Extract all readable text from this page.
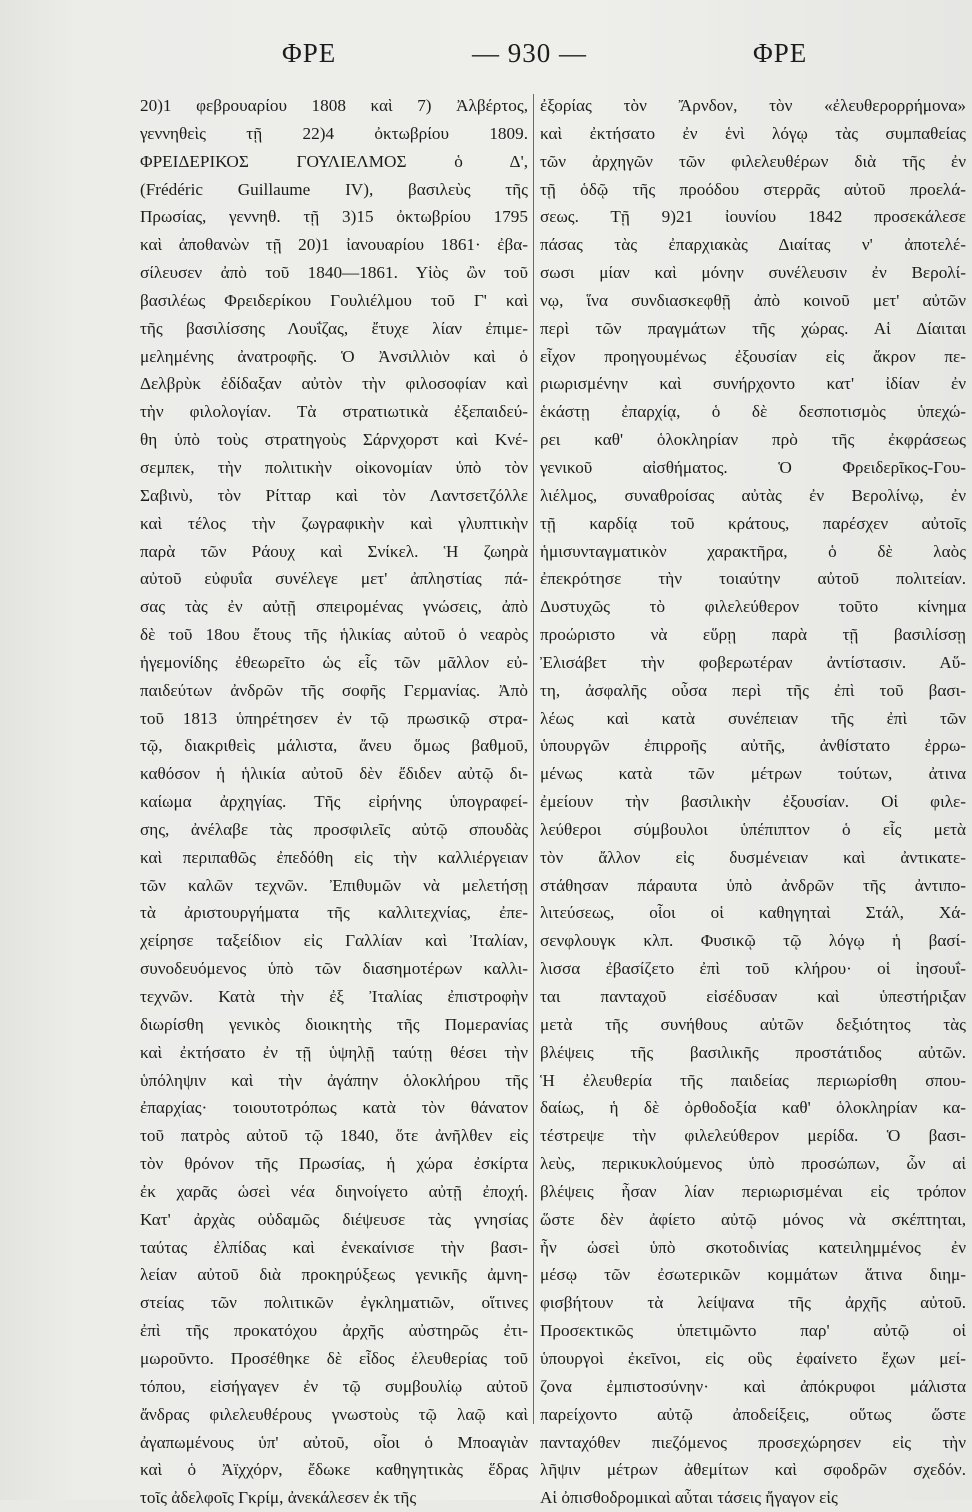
ΦΡΕ	— 930 —	ΦΡΕ
20)1 φεβρουαρίου 1808 καὶ 7) Ἀλβέρτος,
γεννηθεὶς τῇ 22)4 ὀκτωβρίου 1809.
ΦΡΕΙΔΕΡΙΚΟΣ ΓΟΥΛΙΕΛΜΟΣ ὁ Δ',
(Frédéric Guillaume IV), βασιλεὺς τῆς
Πρωσίας, γεννηθ. τῇ 3)15 ὀκτωβρίου 1795
καὶ ἀποθανὼν τῇ 20)1 ἰανουαρίου 1861· ἐβα-
σίλευσεν ἀπὸ τοῦ 1840—1861. Υἱὸς ὢν τοῦ
βασιλέως Φρειδερίκου Γουλιέλμου τοῦ Γ' καὶ
τῆς βασιλίσσης Λουΐζας, ἔτυχε λίαν ἐπιμε-
μελημένης ἀνατροφῆς. Ὁ Ἀνσιλλιὸν καὶ ὁ
Δελβρὺκ ἐδίδαξαν αὐτὸν τὴν φιλοσοφίαν καὶ
τὴν φιλολογίαν. Τὰ στρατιωτικὰ ἐξεπαιδεύ-
θη ὑπὸ τοὺς στρατηγοὺς Σάρνχορστ καὶ Κνέ-
σεμπεκ, τὴν πολιτικὴν οἰκονομίαν ὑπὸ τὸν
Σαβινὺ, τὸν Ρίτταρ καὶ τὸν Λαντσετζόλλε
καὶ τέλος τὴν ζωγραφικὴν καὶ γλυπτικὴν
παρὰ τῶν Ράουχ καὶ Σνίκελ. Ἡ ζωηρὰ
αὐτοῦ εὐφυΐα συνέλεγε μετ' ἀπληστίας πά-
σας τὰς ἐν αὐτῇ σπειρομένας γνώσεις, ἀπὸ
δὲ τοῦ 18ου ἔτους τῆς ἡλικίας αὐτοῦ ὁ νεαρὸς
ἡγεμονίδης ἐθεωρεῖτο ὡς εἷς τῶν μᾶλλον εὐ-
παιδεύτων ἀνδρῶν τῆς σοφῆς Γερμανίας. Ἀπὸ
τοῦ 1813 ὑπηρέτησεν ἐν τῷ πρωσικῷ στρα-
τῷ, διακριθεὶς μάλιστα, ἄνευ ὅμως βαθμοῦ,
καθόσον ἡ ἡλικία αὐτοῦ δὲν ἔδιδεν αὐτῷ δι-
καίωμα ἀρχηγίας. Τῆς εἰρήνης ὑπογραφεί-
σης, ἀνέλαβε τὰς προσφιλεῖς αὐτῷ σπουδὰς
καὶ περιπαθῶς ἐπεδόθη εἰς τὴν καλλιέργειαν
τῶν καλῶν τεχνῶν. Ἐπιθυμῶν νὰ μελετήσῃ
τὰ ἀριστουργήματα τῆς καλλιτεχνίας, ἐπε-
χείρησε ταξείδιον εἰς Γαλλίαν καὶ Ἰταλίαν,
συνοδευόμενος ὑπὸ τῶν διασημοτέρων καλλι-
τεχνῶν. Κατὰ τὴν ἐξ Ἰταλίας ἐπιστροφὴν
διωρίσθη γενικὸς διοικητὴς τῆς Πομερανίας
καὶ ἐκτήσατο ἐν τῇ ὑψηλῇ ταύτῃ θέσει τὴν
ὑπόληψιν καὶ τὴν ἀγάπην ὁλοκλήρου τῆς
ἐπαρχίας· τοιουτοτρόπως κατὰ τὸν θάνατον
τοῦ πατρὸς αὐτοῦ τῷ 1840, ὅτε ἀνῆλθεν εἰς
τὸν θρόνον τῆς Πρωσίας, ἡ χώρα ἐσκίρτα
ἐκ χαρᾶς ὡσεὶ νέα διηνοίγετο αὐτῇ ἐποχή.
Κατ' ἀρχὰς οὐδαμῶς διέψευσε τὰς γνησίας
ταύτας ἐλπίδας καὶ ἐνεκαίνισε τὴν βασι-
λείαν αὐτοῦ διὰ προκηρύξεως γενικῆς ἀμνη-
στείας τῶν πολιτικῶν ἐγκληματιῶν, οἵτινες
ἐπὶ τῆς προκατόχου ἀρχῆς αὐστηρῶς ἐτι-
μωροῦντο. Προσέθηκε δὲ εἶδος ἐλευθερίας τοῦ
τόπου, εἰσήγαγεν ἐν τῷ συμβουλίῳ αὐτοῦ
ἄνδρας φιλελευθέρους γνωστοὺς τῷ λαῷ καὶ
ἀγαπωμένους ὑπ' αὐτοῦ, οἷοι ὁ Μποαγιὰν
καὶ ὁ Ἀϊχχόρν, ἔδωκε καθηγητικὰς ἕδρας
τοῖς ἀδελφοῖς Γκρίμ, ἀνεκάλεσεν ἐκ τῆς
ἐξορίας τὸν Ἄρνδον, τὸν «ἐλευθερορρήμονα»
καὶ ἐκτήσατο ἐν ἑνὶ λόγῳ τὰς συμπαθείας
τῶν ἀρχηγῶν τῶν φιλελευθέρων διὰ τῆς ἐν
τῇ ὁδῷ τῆς προόδου στερρᾶς αὐτοῦ προελά-
σεως. Τῇ 9)21 ἰουνίου 1842 προσεκάλεσε
πάσας τὰς ἐπαρχιακὰς Διαίτας ν' ἀποτελέ-
σωσι μίαν καὶ μόνην συνέλευσιν ἐν Βερολί-
νῳ, ἵνα συνδιασκεφθῇ ἀπὸ κοινοῦ μετ' αὐτῶν
περὶ τῶν πραγμάτων τῆς χώρας. Αἱ Δίαιται
εἶχον προηγουμένως ἐξουσίαν εἰς ἄκρον πε-
ριωρισμένην καὶ συνήρχοντο κατ' ἰδίαν ἐν
ἑκάστῃ ἐπαρχίᾳ, ὁ δὲ δεσποτισμὸς ὑπεχώ-
ρει καθ' ὁλοκληρίαν πρὸ τῆς ἐκφράσεως
γενικοῦ αἰσθήματος. Ὁ Φρειδερῖκος-Γου-
λιέλμος, συναθροίσας αὐτὰς ἐν Βερολίνῳ, ἐν
τῇ καρδίᾳ τοῦ κράτους, παρέσχεν αὐτοῖς
ἡμισυνταγματικὸν χαρακτῆρα, ὁ δὲ λαὸς
ἐπεκρότησε τὴν τοιαύτην αὐτοῦ πολιτείαν.
Δυστυχῶς τὸ φιλελεύθερον τοῦτο κίνημα
προώριστο νὰ εὕρῃ παρὰ τῇ βασιλίσσῃ
Ἐλισάβετ τὴν φοβερωτέραν ἀντίστασιν. Αὕ-
τη, ἀσφαλῆς οὖσα περὶ τῆς ἐπὶ τοῦ βασι-
λέως καὶ κατὰ συνέπειαν τῆς ἐπὶ τῶν
ὑπουργῶν ἐπιρροῆς αὐτῆς, ἀνθίστατο ἐρρω-
μένως κατὰ τῶν μέτρων τούτων, ἀτινα
ἐμείουν τὴν βασιλικὴν ἐξουσίαν. Οἱ φιλε-
λεύθεροι σύμβουλοι ὑπέπιπτον ὁ εἷς μετὰ
τὸν ἄλλον εἰς δυσμένειαν καὶ ἀντικατε-
στάθησαν πάραυτα ὑπὸ ἀνδρῶν τῆς ἀντιπο-
λιτεύσεως, οἷοι οἱ καθηγηταὶ Στάλ, Χά-
σενφλουγκ κλπ. Φυσικῷ τῷ λόγῳ ἡ βασί-
λισσα ἐβασίζετο ἐπὶ τοῦ κλήρου· οἱ ἰησουΐ-
ται πανταχοῦ εἰσέδυσαν καὶ ὑπεστήριξαν
μετὰ τῆς συνήθους αὐτῶν δεξιότητος τὰς
βλέψεις τῆς βασιλικῆς προστάτιδος αὐτῶν.
Ἡ ἐλευθερία τῆς παιδείας περιωρίσθη σπου-
δαίως, ἡ δὲ ὀρθοδοξία καθ' ὁλοκληρίαν κα-
τέστρεψε τὴν φιλελεύθερον μερίδα. Ὁ βασι-
λεὺς, περικυκλούμενος ὑπὸ προσώπων, ὧν αἱ
βλέψεις ἦσαν λίαν περιωρισμέναι εἰς τρόπον
ὥστε δὲν ἀφίετο αὐτῷ μόνος νὰ σκέπτηται,
ἦν ὡσεὶ ὑπὸ σκοτοδινίας κατειλημμένος ἐν
μέσῳ τῶν ἐσωτερικῶν κομμάτων ἅτινα διημ-
φισβήτουν τὰ λείψανα τῆς ἀρχῆς αὐτοῦ.
Προσεκτικῶς ὑπετιμῶντο παρ' αὐτῷ οἱ
ὑπουργοὶ ἐκεῖνοι, εἰς οὓς ἐφαίνετο ἔχων μεί-
ζονα ἐμπιστοσύνην· καὶ ἀπόκρυφοι μάλιστα
παρείχοντο αὐτῷ ἀποδείξεις, οὕτως ὥστε
πανταχόθεν πιεζόμενος προσεχώρησεν εἰς τὴν
λῆψιν μέτρων ἀθεμίτων καὶ σφοδρῶν σχεδόν.
Αἱ ὀπισθοδρομικαὶ αὗται τάσεις ἤγαγον εἰς
